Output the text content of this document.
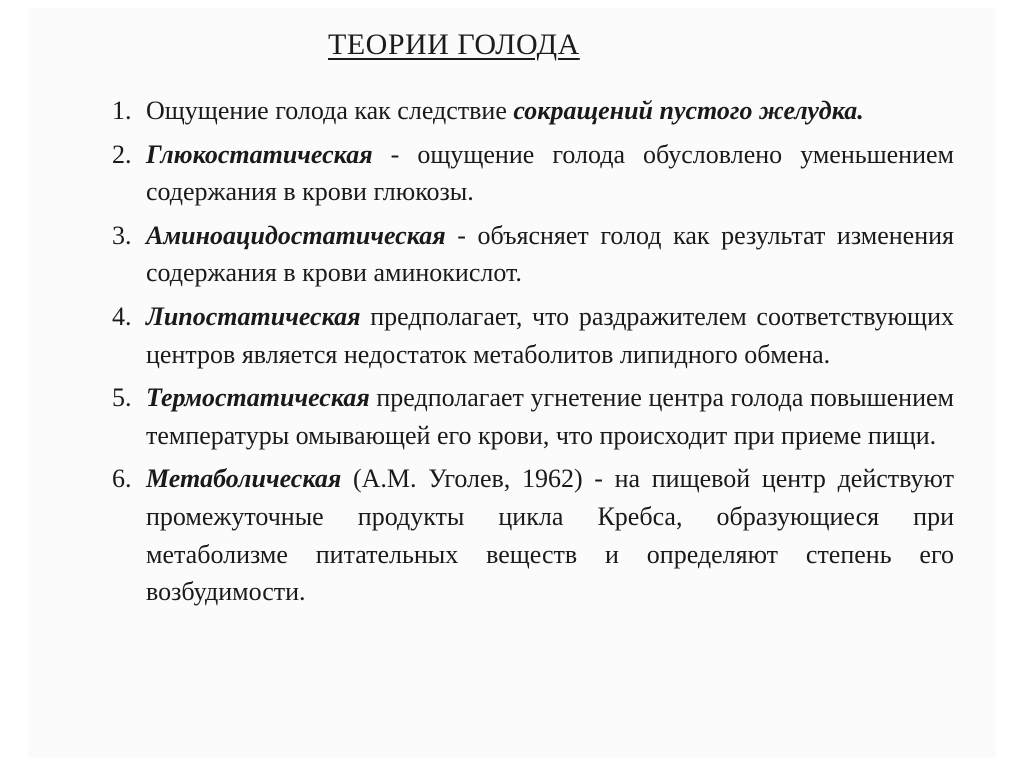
ТЕОРИИ ГОЛОДА
1. Ощущение голода как следствие сокращений пустого желудка.
2. Глюкостатическая - ощущение голода обусловлено уменьшением содержания в крови глюкозы.
3. Аминоацидостатическая - объясняет голод как результат изменения содержания в крови аминокислот.
4. Липостатическая предполагает, что раздражителем соответствующих центров является недостаток метаболитов липидного обмена.
5. Термостатическая предполагает угнетение центра голода повышением температуры омывающей его крови, что происходит при приеме пищи.
6. Метаболическая (А.М. Уголев, 1962) - на пищевой центр действуют промежуточные продукты цикла Кребса, образующиеся при метаболизме питательных веществ и определяют степень его возбудимости.
